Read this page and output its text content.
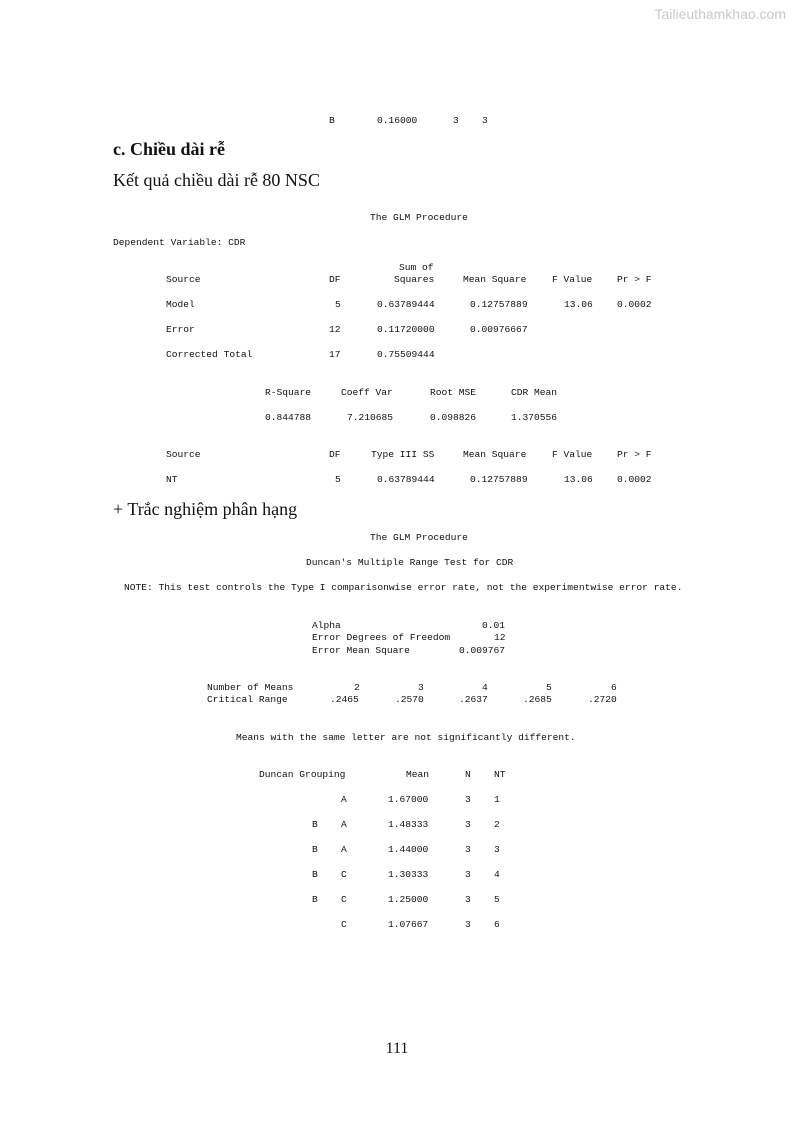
Tailieuthamkhao.com
B	0.16000	3 3
c. Chiều dài rễ
Kết quả chiều dài rễ 80 NSC
The GLM Procedure
Dependent Variable: CDR
Sum of
Source	DF	Squares	Mean Square	F Value	Pr > F
Model	5	0.63789444	0.12757889	13.06	0.0002
Error	12	0.11720000	0.00976667
Corrected Total	17	0.75509444
R-Square	Coeff Var	Root MSE	CDR Mean
0.844788	7.210685	0.098826	1.370556
Source	DF	Type III SS	Mean Square	F Value	Pr > F
NT	5	0.63789444	0.12757889	13.06	0.0002
+ Trắc nghiệm phân hạng
The GLM Procedure
Duncan's Multiple Range Test for CDR
NOTE: This test controls the Type I comparisonwise error rate, not the experimentwise error rate.
Alpha	0.01
Error Degrees of Freedom	12
Error Mean Square	0.009767
Number of Means	2	3	4	5	6
Critical Range	.2465	.2570	.2637	.2685	.2720
Means with the same letter are not significantly different.
Duncan Grouping	Mean	N NT
A	1.67000	3 1
B A	1.48333	3 2
B A	1.44000	3 3
B C	1.30333	3 4
B C	1.25000	3 5
C	1.07667	3 6
111
